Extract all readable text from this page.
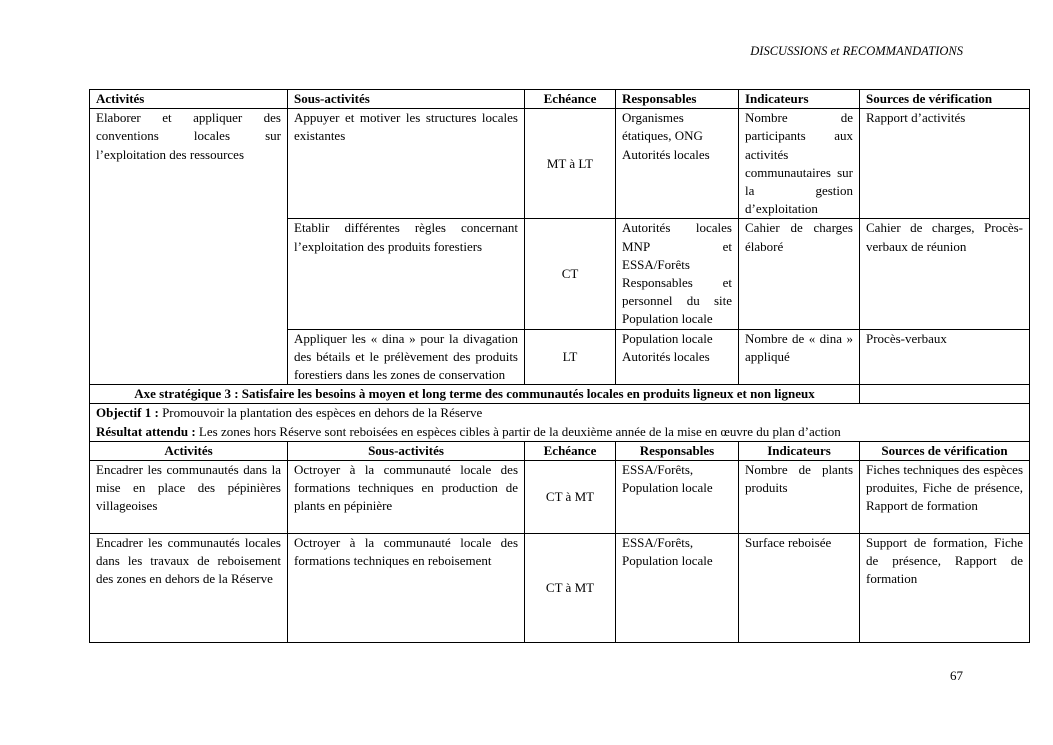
DISCUSSIONS et RECOMMANDATIONS
Activités	Sous-activités	Echéance	Responsables	Indicateurs	Sources de vérification
Elaborer et appliquer des conventions locales sur l’exploitation des ressources	Appuyer et motiver les structures locales existantes	MT à LT	Organismes étatiques, ONG Autorités locales	Nombre de participants aux activités communautaires sur la gestion d’exploitation	Rapport d’activités
	Etablir différentes règles concernant l’exploitation des produits forestiers	CT	Autorités locales MNP et ESSA/Forêts Responsables et personnel du site Population locale	Cahier de charges élaboré	Cahier de charges, Procès-verbaux de réunion
	Appliquer les « dina » pour la divagation des bétails et le prélèvement des produits forestiers dans les zones de conservation	LT	Population locale Autorités locales	Nombre de « dina » appliqué	Procès-verbaux
Axe stratégique 3 : Satisfaire les besoins à moyen et long terme des communautés locales en produits ligneux et non ligneux					

Objectif 1 : Promouvoir la plantation des espèces en dehors de la Réserve
Résultat attendu : Les zones hors Réserve sont reboisées en espèces cibles à partir de la deuxième année de la mise en œuvre du plan d’action					

Activités	Sous-activités	Echéance	Responsables	Indicateurs	Sources de vérification
Encadrer les communautés dans la mise en place des pépinières villageoises	Octroyer à la communauté locale des formations techniques en production de plants en pépinière	CT à MT	ESSA/Forêts, Population locale	Nombre de plants produits	Fiches techniques des espèces produites, Fiche de présence, Rapport de formation
Encadrer les communautés locales dans les travaux de reboisement des zones en dehors de la Réserve	Octroyer à la communauté locale des formations techniques en reboisement	CT à MT	ESSA/Forêts, Population locale	Surface reboisée	Support de formation, Fiche de présence, Rapport de formation
67
